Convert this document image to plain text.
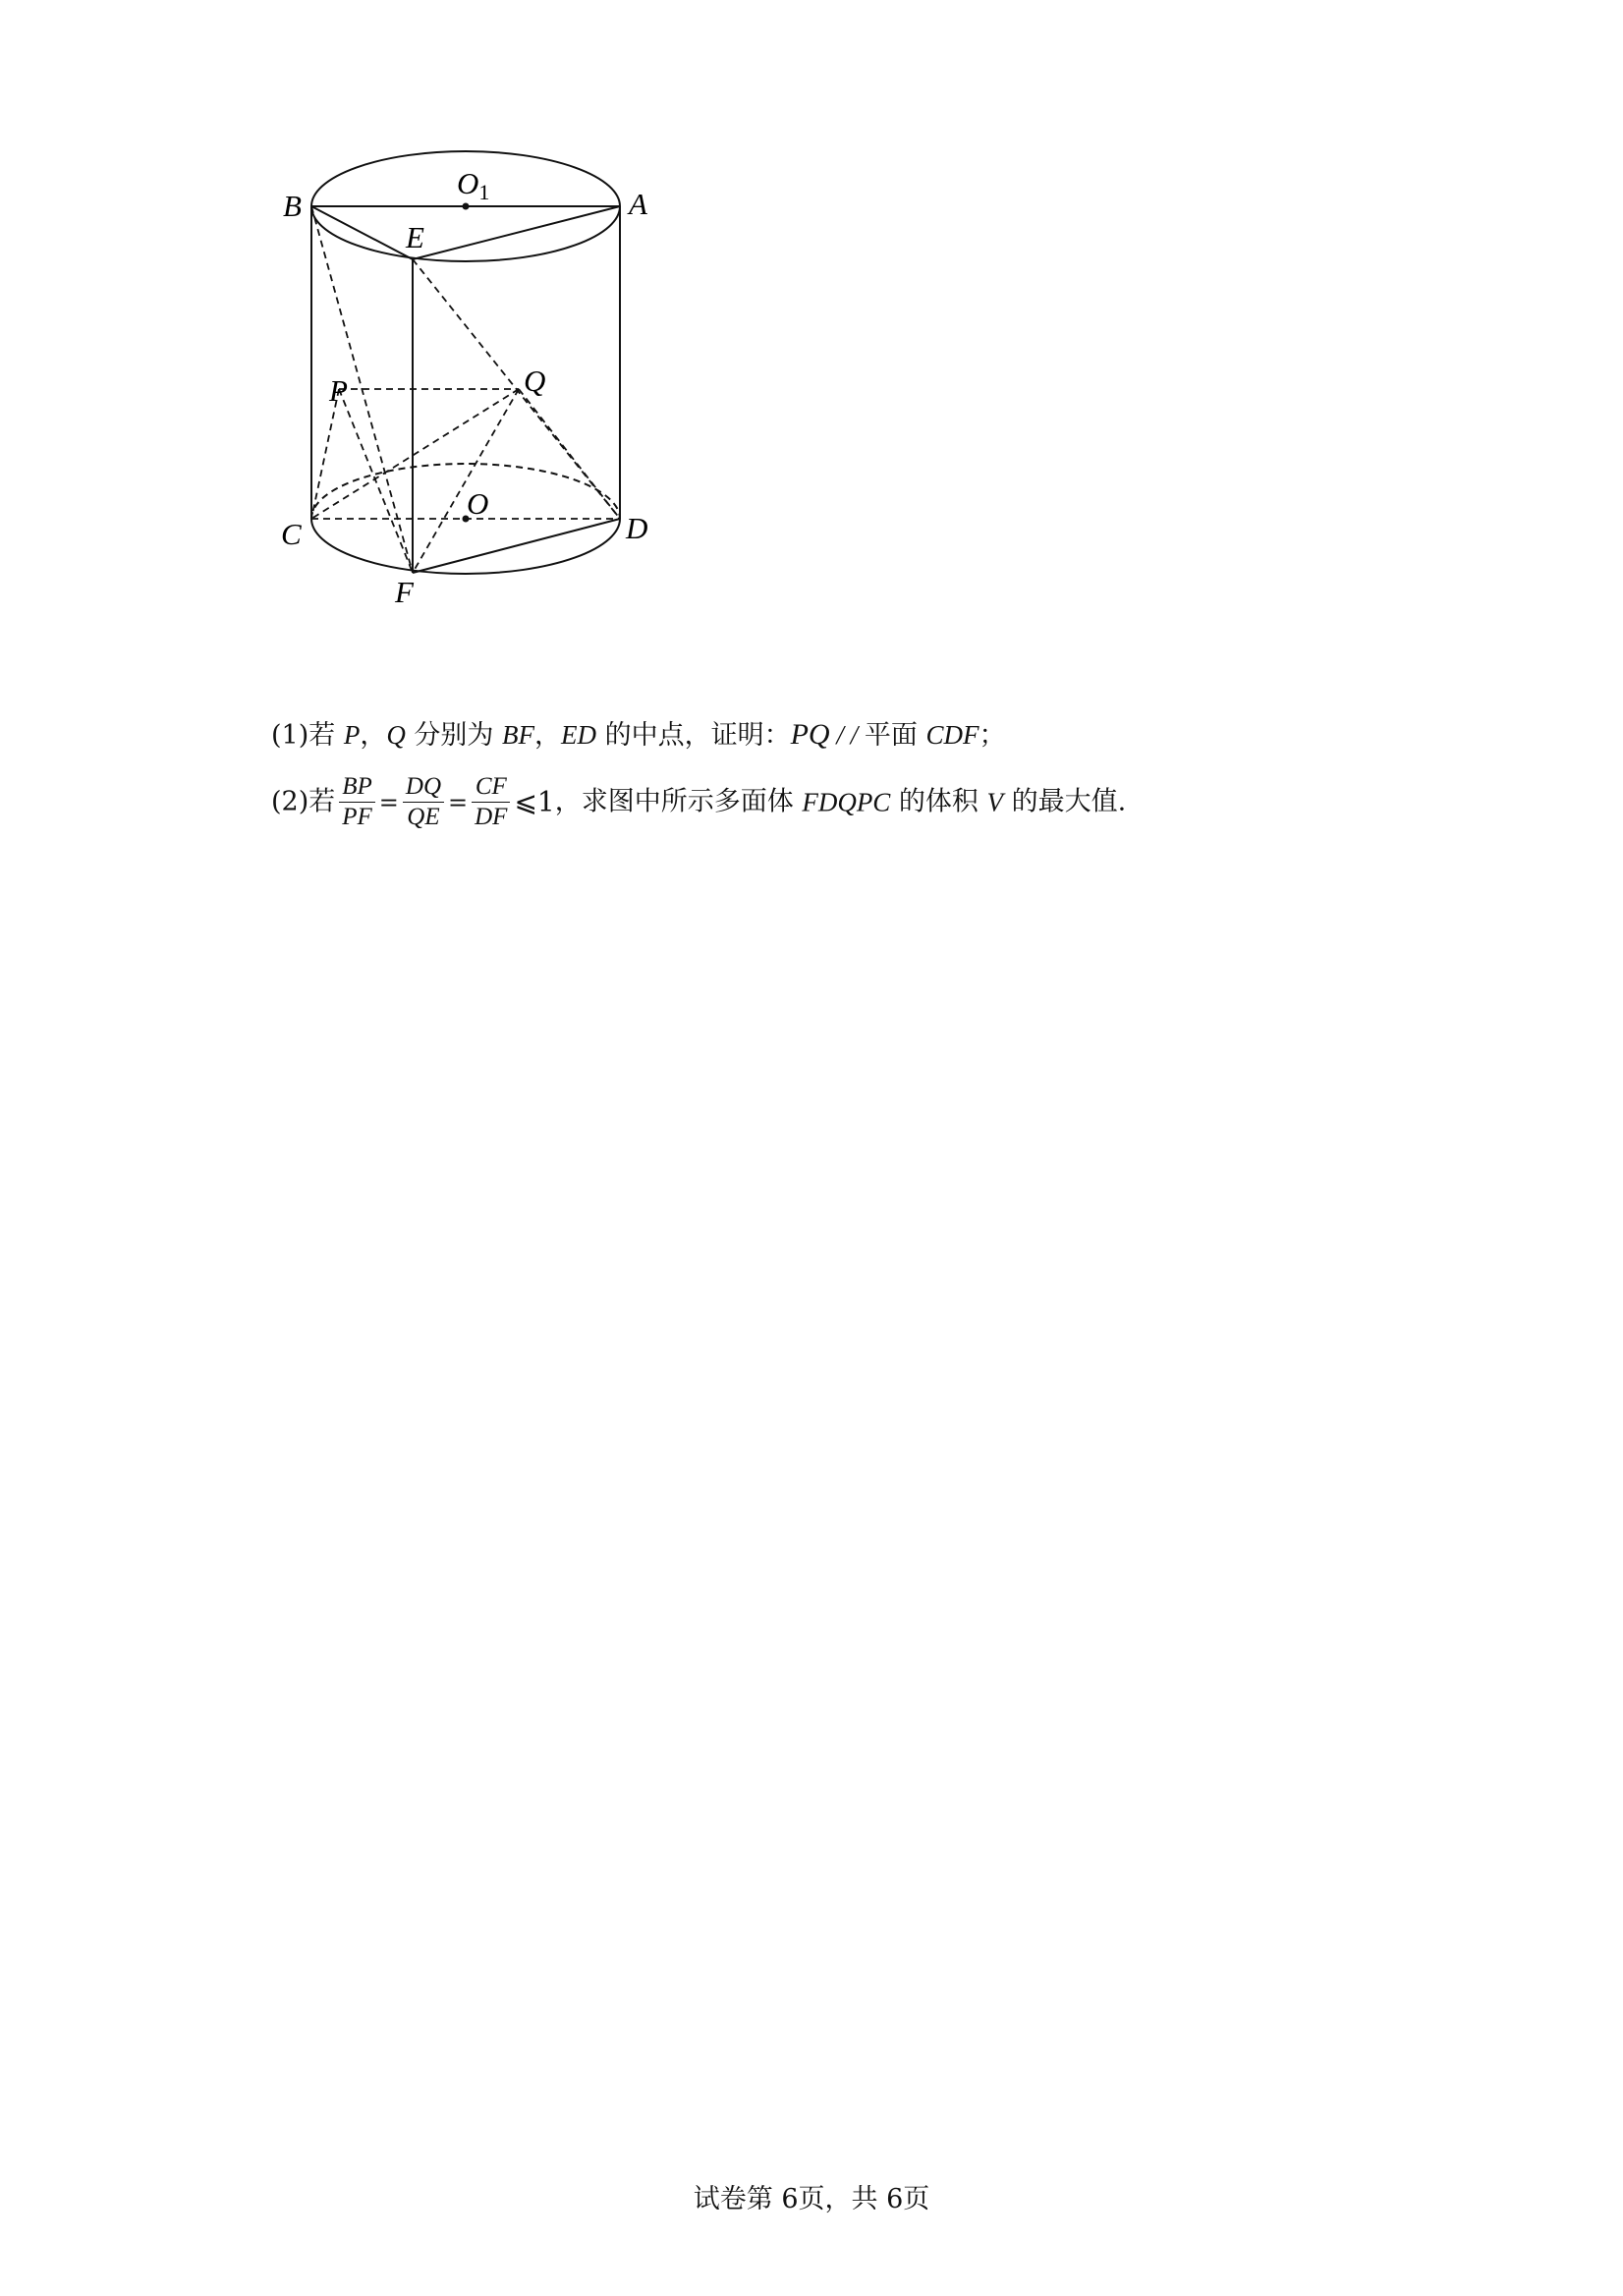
B	A
O1
E
P	Q
O
C	D
F
(1)若 P，Q 分别为 BF，ED 的中点，证明：PQ / / 平面 CDF；
(2)若 $\frac{BP}{PF} = \frac{DQ}{QE} = \frac{CF}{DF}$ ⩽1，求图中所示多面体 FDQPC 的体积 V 的最大值.
试卷第 6页，共 6页
